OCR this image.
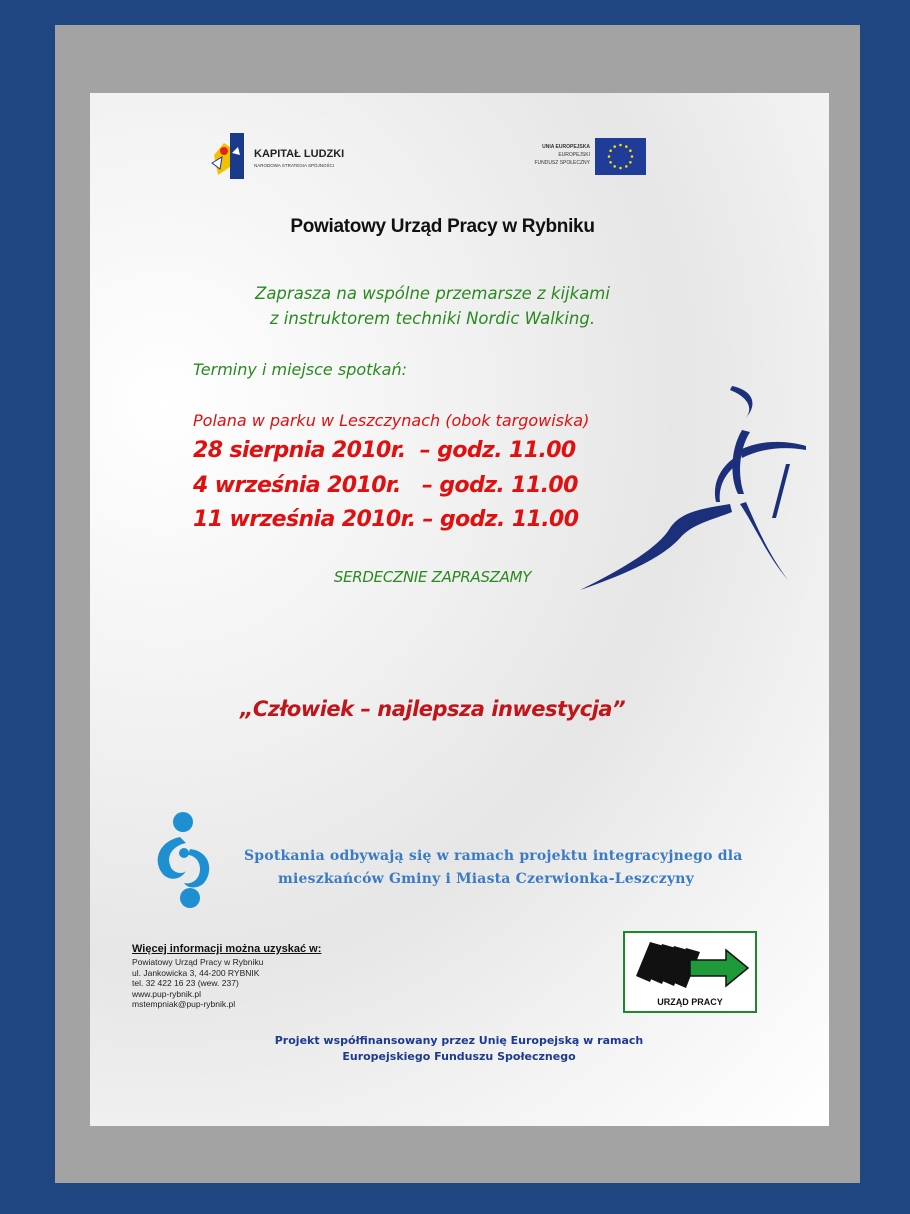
KAPITAŁ LUDZKI
NARODOWA STRATEGIA SPÓJNOŚCI
UNIA EUROPEJSKA
EUROPEJSKI
FUNDUSZ SPOŁECZNY
Powiatowy Urząd Pracy w Rybniku
Zaprasza na wspólne przemarsze z kijkami
z instruktorem techniki Nordic Walking.
Terminy i miejsce spotkań:
Polana w parku w Leszczynach (obok targowiska)
28 sierpnia 2010r.  – godz. 11.00
4 września 2010r.   – godz. 11.00
11 września 2010r. – godz. 11.00
SERDECZNIE ZAPRASZAMY
„Człowiek – najlepsza inwestycja”
Spotkania odbywają się w ramach projektu integracyjnego dla
mieszkańców Gminy i Miasta Czerwionka-Leszczyny
Więcej informacji można uzyskać w:
Powiatowy Urząd Pracy w Rybniku
ul. Jankowicka 3, 44-200 RYBNIK
tel. 32 422 16 23 (wew. 237)
www.pup-rybnik.pl
mstempniak@pup-rybnik.pl	URZĄD PRACY
Projekt współfinansowany przez Unię Europejską w ramach
Europejskiego Funduszu Społecznego
